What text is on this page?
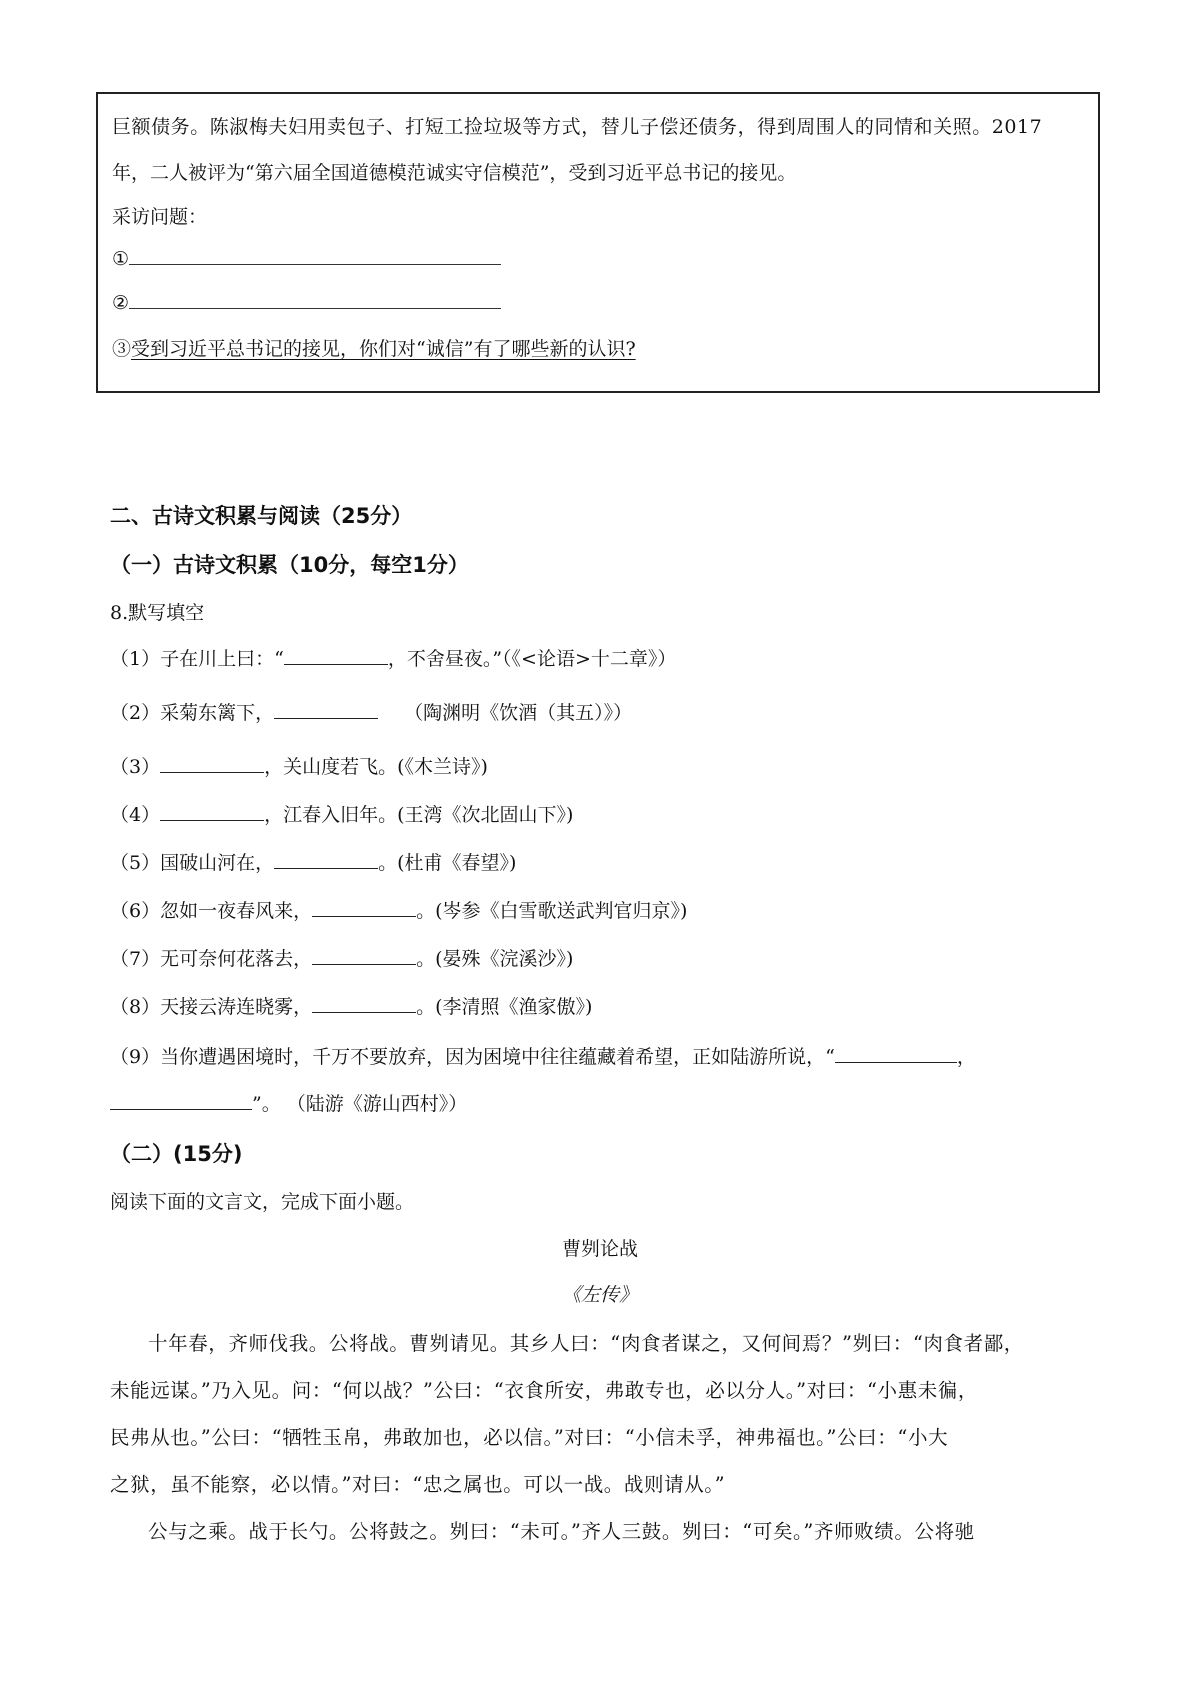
巨额债务。陈淑梅夫妇用卖包子、打短工捡垃圾等方式，替儿子偿还债务，得到周围人的同情和关照。2017
年，二人被评为“第六届全国道德模范诚实守信模范”，受到习近平总书记的接见。
采访问题：
①
②
③受到习近平总书记的接见，你们对“诚信”有了哪些新的认识?
二、古诗文积累与阅读（25分）
（一）古诗文积累（10分，每空1分）
8.默写填空
（1）子在川上曰：“	，不舍昼夜。”（《<论语>十二章》）
（2）采菊东篱下，	（陶渊明《饮酒（其五）》）
（3）	，关山度若飞。(《木兰诗》)
（4）	，江春入旧年。(王湾《次北固山下》)
（5）国破山河在，	。(杜甫《春望》)
（6）忽如一夜春风来，	。(岑参《白雪歌送武判官归京》)
（7）无可奈何花落去，	。(晏殊《浣溪沙》)
（8）天接云涛连晓雾，	。(李清照《渔家傲》)
（9）当你遭遇困境时，千万不要放弃，因为困境中往往蕴藏着希望，正如陆游所说，“	，
”。 （陆游《游山西村》）
（二）(15分)
阅读下面的文言文，完成下面小题。
曹刿论战
《左传》
十年春，齐师伐我。公将战。曹刿请见。其乡人曰：“肉食者谋之，又何间焉？”刿曰：“肉食者鄙，
未能远谋。”乃入见。问：“何以战？”公曰：“衣食所安，弗敢专也，必以分人。”对曰：“小惠未徧，
民弗从也。”公曰：“牺牲玉帛，弗敢加也，必以信。”对曰：“小信未孚，神弗福也。”公曰：“小大
之狱，虽不能察，必以情。”对曰：“忠之属也。可以一战。战则请从。”
公与之乘。战于长勺。公将鼓之。刿曰：“未可。”齐人三鼓。刿曰：“可矣。”齐师败绩。公将驰
